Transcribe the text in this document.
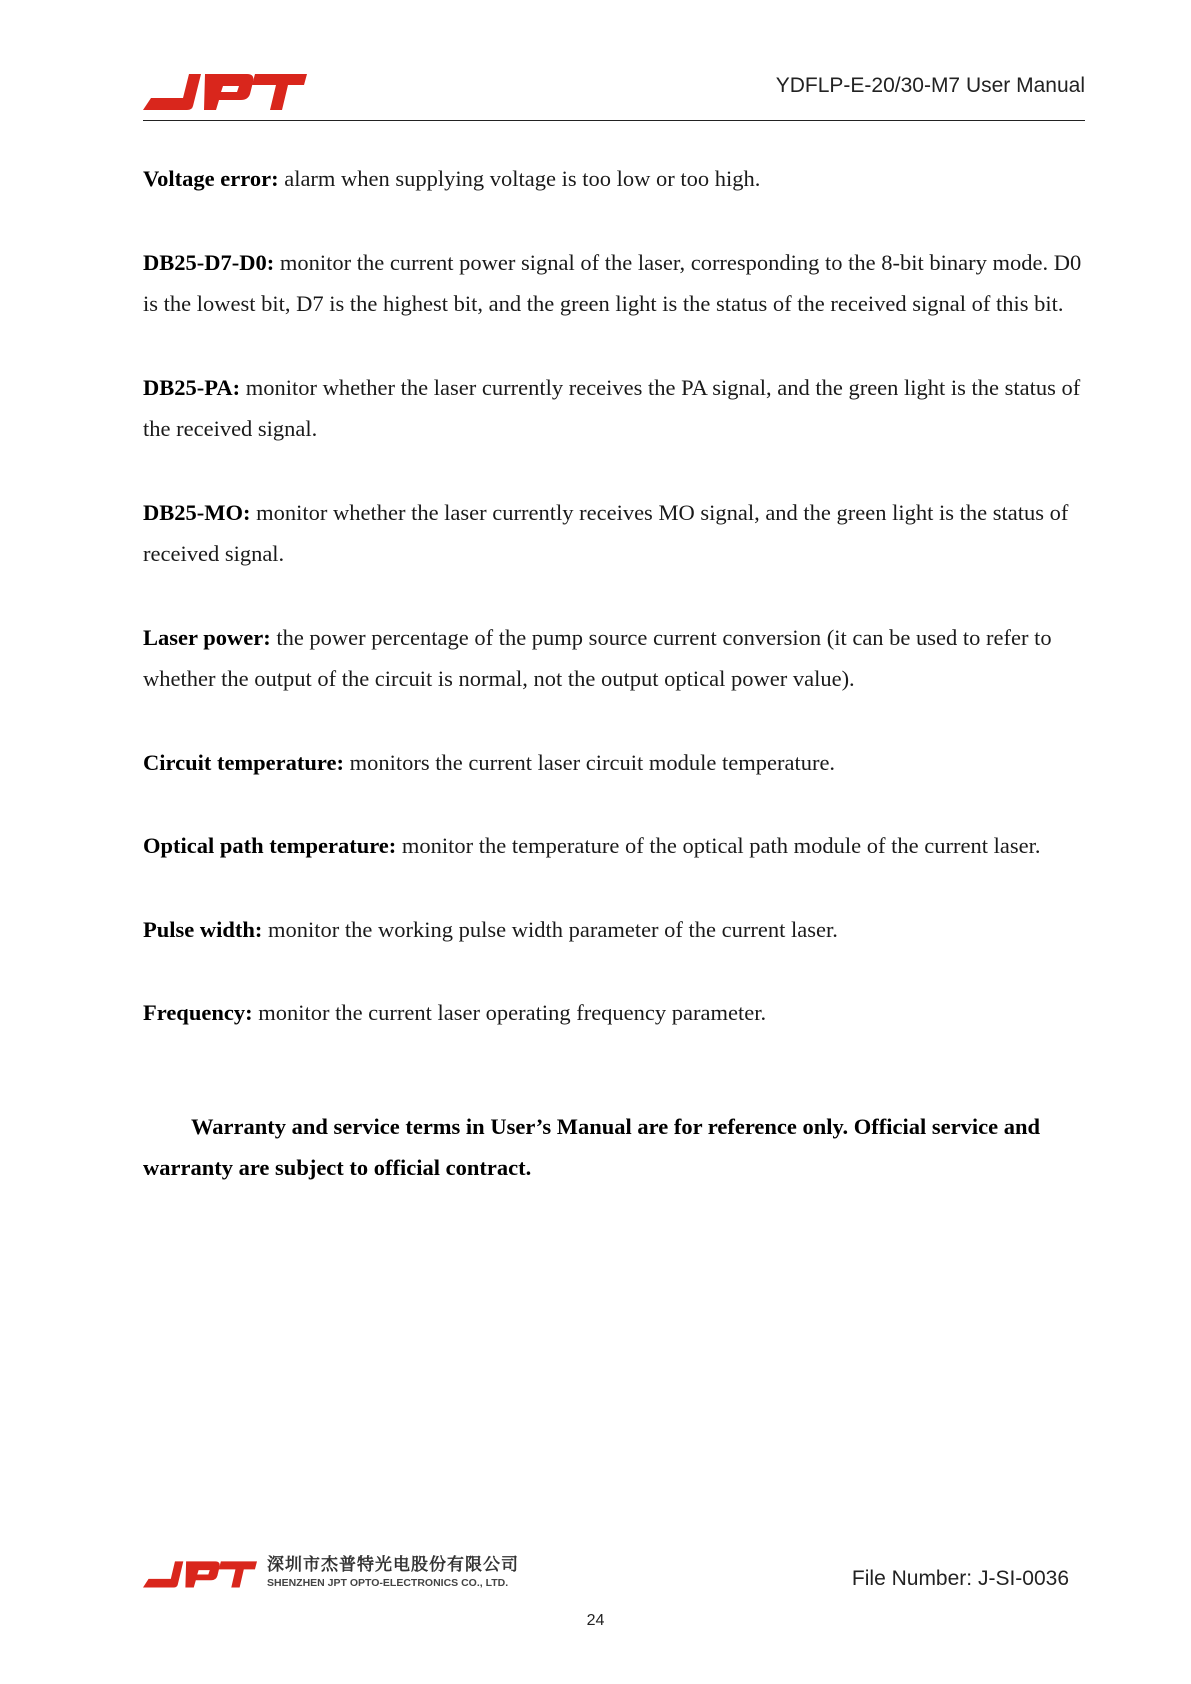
YDFLP-E-20/30-M7 User Manual

Voltage error: alarm when supplying voltage is too low or too high.

DB25-D7-D0: monitor the current power signal of the laser, corresponding to the 8-bit binary mode. D0 is the lowest bit, D7 is the highest bit, and the green light is the status of the received signal of this bit.

DB25-PA: monitor whether the laser currently receives the PA signal, and the green light is the status of the received signal.

DB25-MO: monitor whether the laser currently receives MO signal, and the green light is the status of received signal.

Laser power: the power percentage of the pump source current conversion (it can be used to refer to whether the output of the circuit is normal, not the output optical power value).

Circuit temperature: monitors the current laser circuit module temperature.

Optical path temperature: monitor the temperature of the optical path module of the current laser.

Pulse width: monitor the working pulse width parameter of the current laser.

Frequency: monitor the current laser operating frequency parameter.

Warranty and service terms in User’s Manual are for reference only. Official service and warranty are subject to official contract.

深圳市杰普特光电股份有限公司
SHENZHEN JPT OPTO-ELECTRONICS CO., LTD.	File Number: J-SI-0036
24
